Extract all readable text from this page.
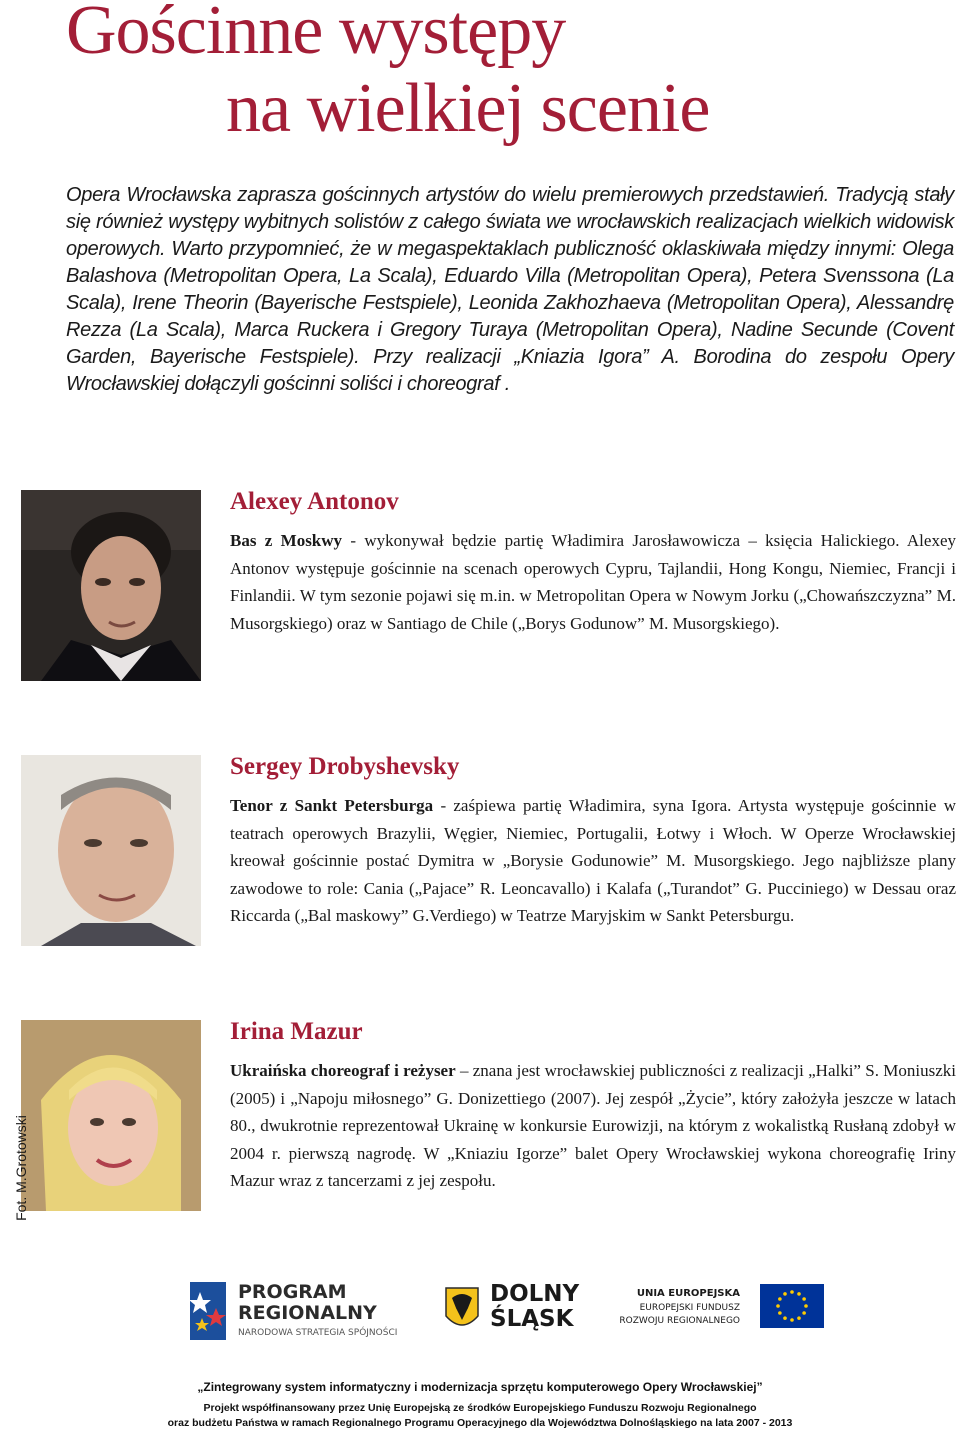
Gościnne występy
na wielkiej scenie

Opera Wrocławska zaprasza gościnnych artystów do wielu premierowych przedstawień. Tradycją stały się również występy wybitnych solistów z całego świata we wrocławskich realizacjach wielkich widowisk operowych. Warto przypomnieć, że w megaspektaklach publiczność oklaskiwała między innymi: Olega Balashova (Metropolitan Opera, La Scala), Eduardo Villa (Metropolitan Opera), Petera Svenssona (La Scala), Irene Theorin (Bayerische Festspiele), Leonida Zakhozhaeva (Metropolitan Opera), Alessandrę Rezza (La Scala), Marca Ruckera i Gregory Turaya (Metropolitan Opera), Nadine Secunde (Covent Garden, Bayerische Festspiele). Przy realizacji „Kniazia Igora” A. Borodina do zespołu Opery Wrocławskiej dołączyli gościnni soliści i choreograf .

Alexey Antonov

Bas z Moskwy - wykonywał będzie partię Władimira Jarosławowicza – księcia Halickiego. Alexey Antonov występuje gościnnie na scenach operowych Cypru, Tajlandii, Hong Kongu, Niemiec, Francji i Finlandii. W tym sezonie pojawi się m.in. w Metropolitan Opera w Nowym Jorku („Chowańszczyzna” M. Musorgskiego) oraz w Santiago de Chile („Borys Godunow” M. Musorgskiego).

Sergey Drobyshevsky

Tenor z Sankt Petersburga - zaśpiewa partię Władimira, syna Igora. Artysta występuje gościnnie w teatrach operowych Brazylii, Węgier, Niemiec, Portugalii, Łotwy i Włoch. W Operze Wrocławskiej kreował gościnnie postać Dymitra w „Borysie Godunowie” M. Musorgskiego. Jego najbliższe plany zawodowe to role: Cania („Pajace” R. Leoncavallo) i Kalafa („Turandot” G. Pucciniego) w Dessau oraz Riccarda („Bal maskowy” G.Verdiego) w Teatrze Maryjskim w Sankt Petersburgu.

Irina Mazur

Ukraińska choreograf i reżyser – znana jest wrocławskiej publiczności z realizacji „Halki” S. Moniuszki (2005) i „Napoju miłosnego” G. Donizettiego (2007). Jej zespół „Życie”, który założyła jeszcze w latach 80., dwukrotnie reprezentował Ukrainę w konkursie Eurowizji, na którym z wokalistką Rusłaną zdobył w 2004 r. pierwszą nagrodę. W „Kniaziu Igorze” balet Opery Wrocławskiej wykona choreografię Iriny Mazur wraz z tancerzami z jej zespołu.

Fot. M.Grotowski
PROGRAM
REGIONALNY
NARODOWA STRATEGIA SPÓJNOŚCI
DOLNY
ŚLĄSK
UNIA EUROPEJSKA
EUROPEJSKI FUNDUSZ
ROZWOJU REGIONALNEGO
„Zintegrowany system informatyczny i modernizacja sprzętu komputerowego Opery Wrocławskiej”
Projekt współfinansowany przez Unię Europejską ze środków Europejskiego Funduszu Rozwoju Regionalnego
oraz budżetu Państwa w ramach Regionalnego Programu Operacyjnego dla Województwa Dolnośląskiego na lata 2007 - 2013
